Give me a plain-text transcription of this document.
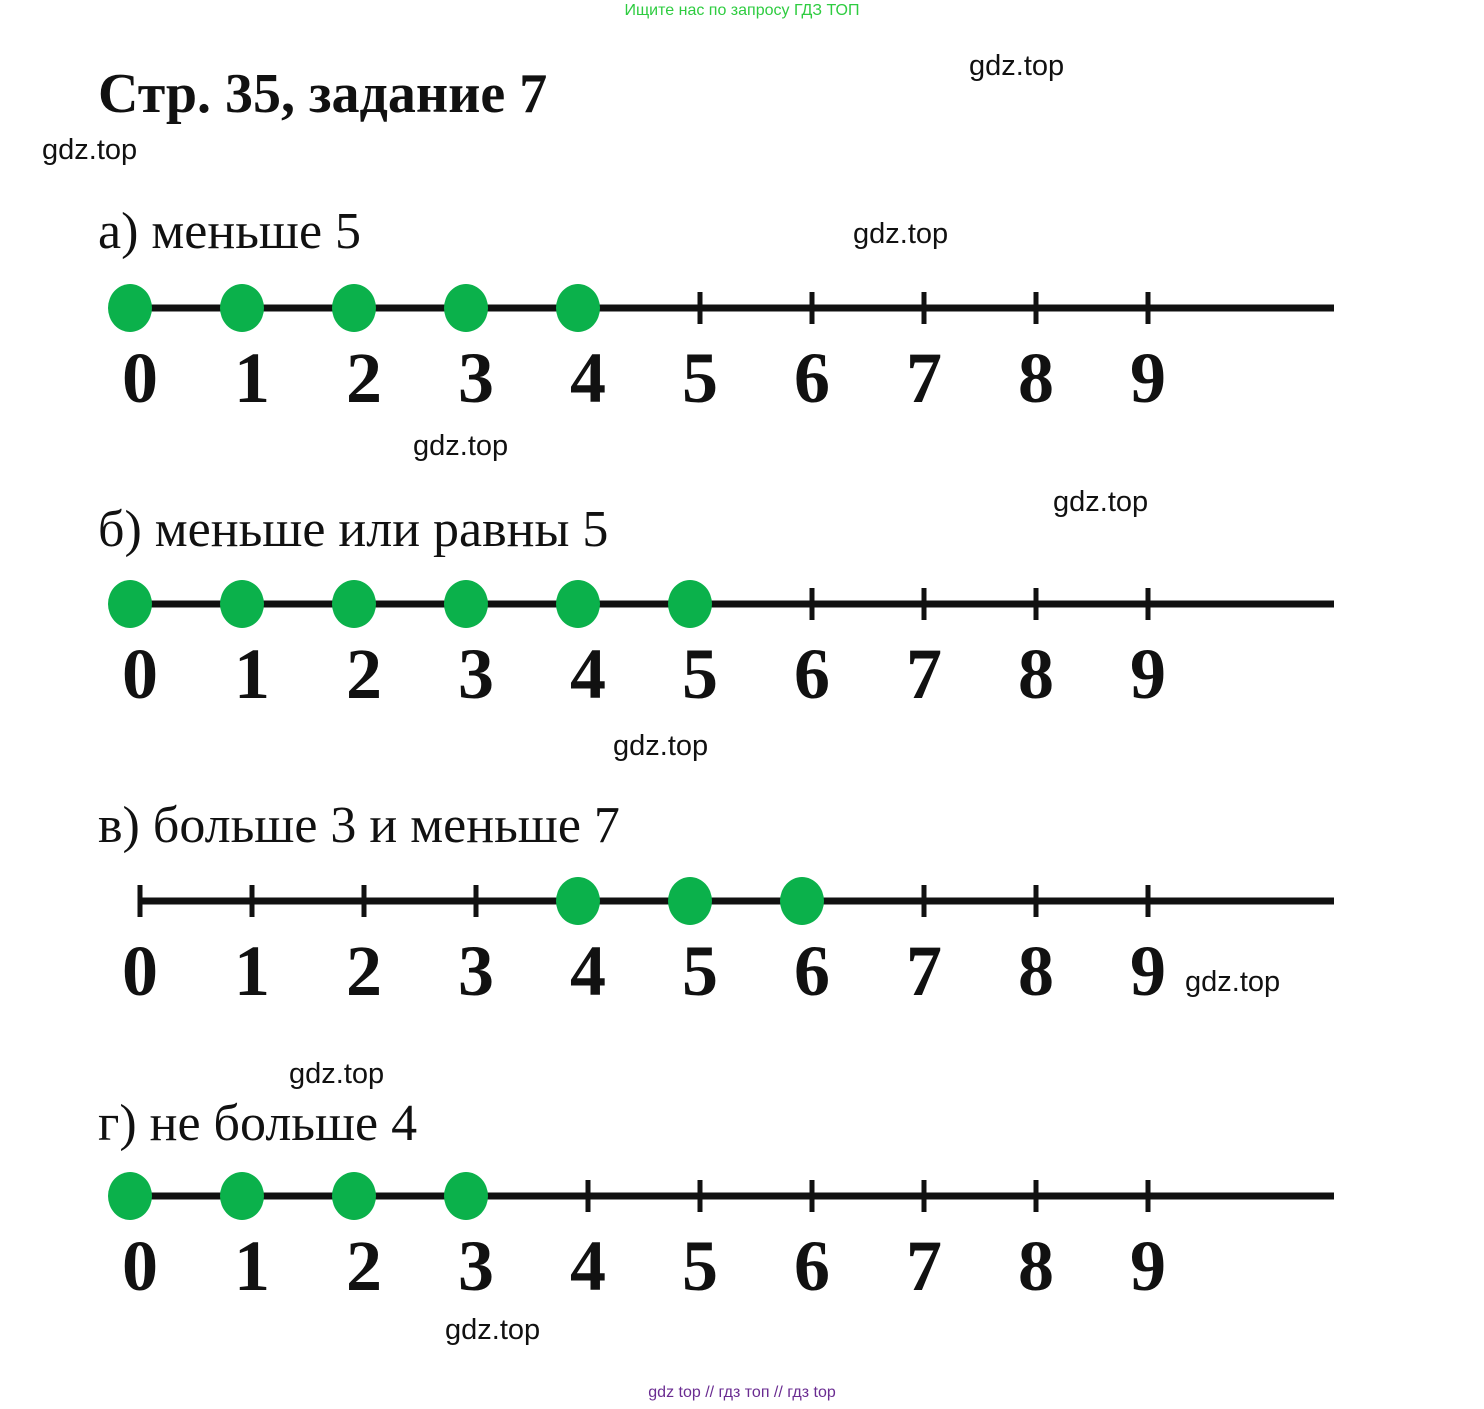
Ищите нас по запросу ГДЗ ТОП
Стр. 35, задание 7	gdz.top
gdz.top
gdz.top
gdz.top
gdz.top
gdz.top
gdz.top
gdz.top
gdz.top
а) меньше 5
0 1 2 3 4 5 6 7 8 9
б) меньше или равны 5
0 1 2 3 4 5 6 7 8 9
в) больше 3 и меньше 7
0 1 2 3 4 5 6 7 8 9
г) не больше 4
0 1 2 3 4 5 6 7 8 9
gdz top // гдз топ // гдз top
